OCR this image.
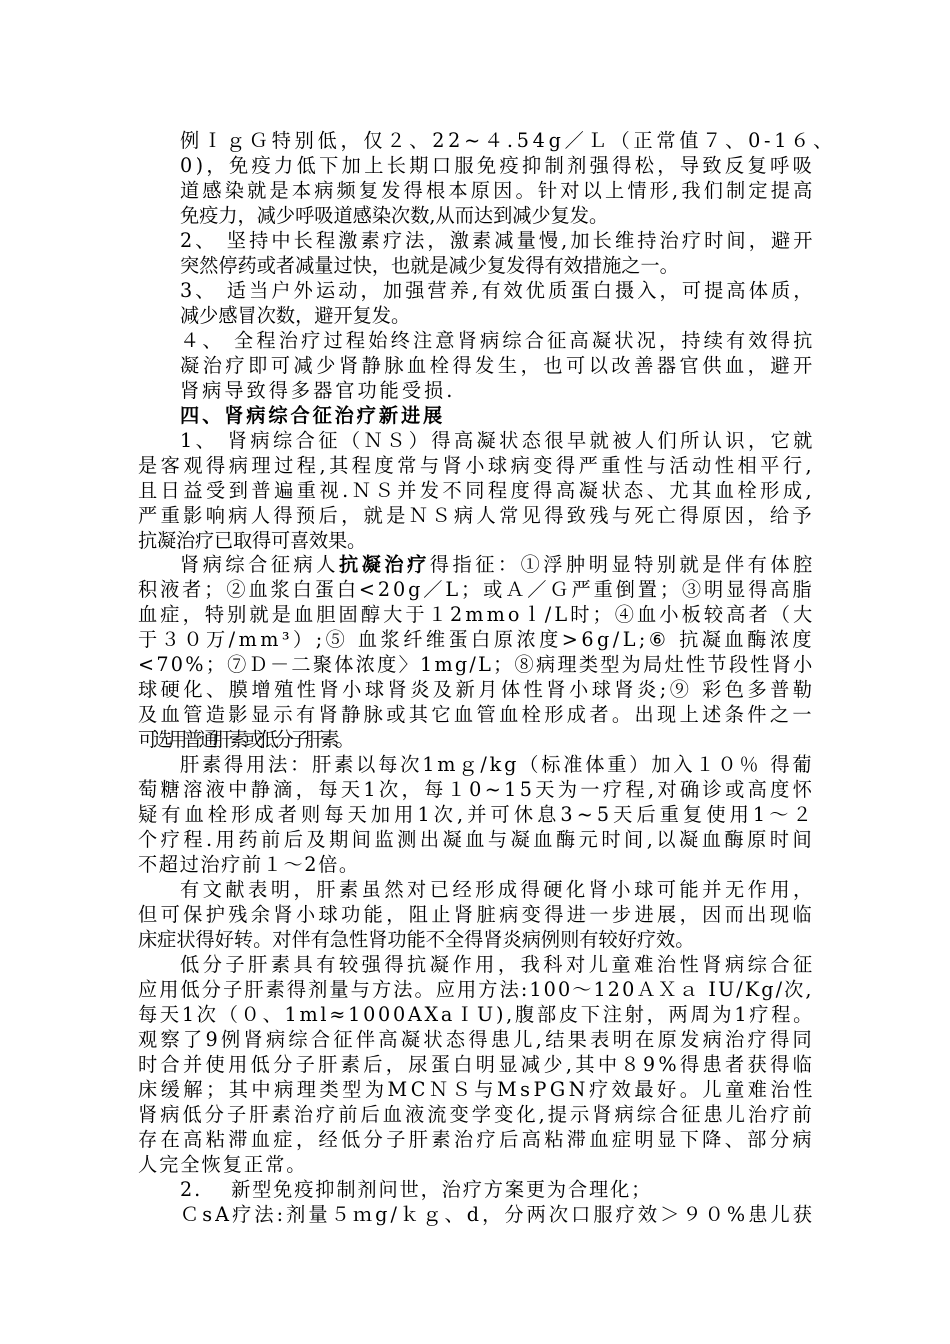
例ＩｇＧ特别低，仅２、22~４.54g／Ｌ（正常值７、0-1６、
0)，免疫力低下加上长期口服免疫抑制剂强得松，导致反复呼吸
道感染就是本病频复发得根本原因。针对以上情形,我们制定提高
免疫力，减少呼吸道感染次数,从而达到减少复发。
2、 坚持中长程激素疗法，激素减量慢,加长维持治疗时间，避开
突然停药或者减量过快，也就是减少复发得有效措施之一。
3、 适当户外运动，加强营养,有效优质蛋白摄入，可提高体质，
减少感冒次数，避开复发。
４、 全程治疗过程始终注意肾病综合征高凝状况，持续有效得抗
凝治疗即可减少肾静脉血栓得发生，也可以改善器官供血，避开
肾病导致得多器官功能受损.
四、肾病综合征治疗新进展
1、 肾病综合征（ＮＳ）得高凝状态很早就被人们所认识，它就
是客观得病理过程,其程度常与肾小球病变得严重性与活动性相平行,
且日益受到普遍重视.ＮＳ并发不同程度得高凝状态、尤其血栓形成,
严重影响病人得预后，就是ＮＳ病人常见得致残与死亡得原因，给予
抗凝治疗已取得可喜效果。
肾病综合征病人抗凝治疗得指征：①浮肿明显特别就是伴有体腔
积液者；②血浆白蛋白<20g／L；或Ａ／Ｇ严重倒置；③明显得高脂
血症，特别就是血胆固醇大于１2mmoｌ/L时；④血小板较高者（大
于３０万/mm³）;⑤ 血浆纤维蛋白原浓度>6g/L;⑥ 抗凝血酶浓度
<70%；⑦Ｄ－二聚体浓度〉1mg/L；⑧病理类型为局灶性节段性肾小
球硬化、膜增殖性肾小球肾炎及新月体性肾小球肾炎;⑨ 彩色多普勒
及血管造影显示有肾静脉或其它血管血栓形成者。出现上述条件之一
可选用普通肝素或低分子肝素。
肝素得用法：肝素以每次1mｇ/kg（标准体重）加入１０％ 得葡
萄糖溶液中静滴，每天1次，每１0~15天为一疗程,对确诊或高度怀
疑有血栓形成者则每天加用1次,并可休息3~5天后重复使用1～２
个疗程.用药前后及期间监测出凝血与凝血酶元时间,以凝血酶原时间
不超过治疗前１～2倍。
有文献表明，肝素虽然对已经形成得硬化肾小球可能并无作用，
但可保护残余肾小球功能，阻止肾脏病变得进一步进展，因而出现临
床症状得好转。对伴有急性肾功能不全得肾炎病例则有较好疗效。
低分子肝素具有较强得抗凝作用，我科对儿童难治性肾病综合征
应用低分子肝素得剂量与方法。应用方法:100～120ＡＸａ IU/Kg/次,
每天1次（０、1ml≈1000AXaＩU),腹部皮下注射，两周为1疗程。
观察了9例肾病综合征伴高凝状态得患儿,结果表明在原发病治疗得同
时合并使用低分子肝素后，尿蛋白明显减少,其中８9%得患者获得临
床缓解；其中病理类型为MCＮＳ与MsPGN疗效最好。儿童难治性
肾病低分子肝素治疗前后血液流变学变化,提示肾病综合征患儿治疗前
存在高粘滞血症，经低分子肝素治疗后高粘滞血症明显下降、部分病
人完全恢复正常。
2.　 新型免疫抑制剂问世，治疗方案更为合理化；
ＣsA疗法:剂量５ｍg/ｋｇ、d，分两次口服疗效＞９０%患儿获
